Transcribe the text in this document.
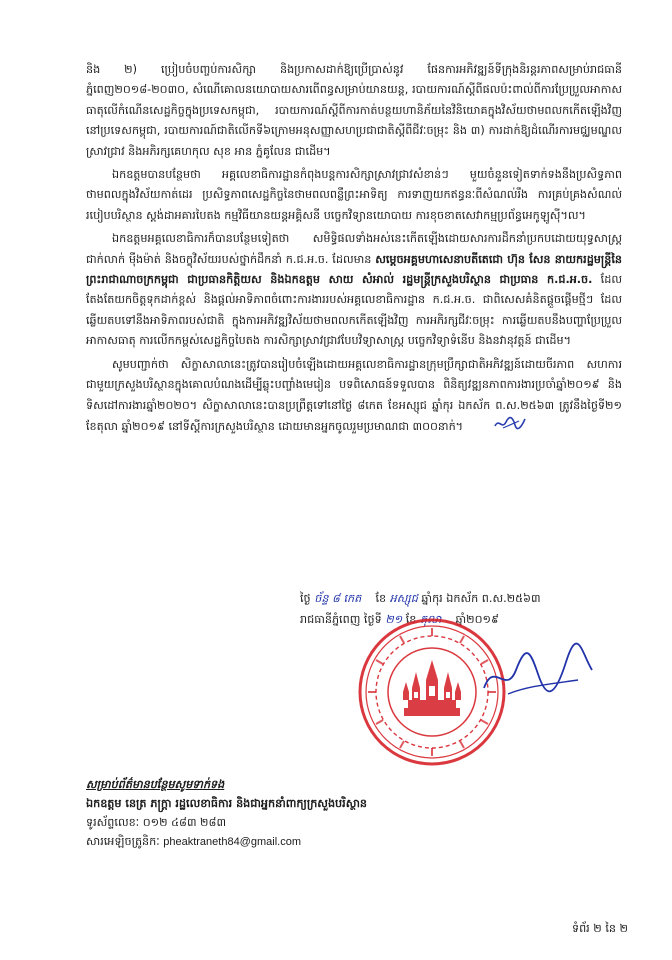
និង ២) ប្រៀបចំបញ្ចប់ការសិក្សា និងប្រកាសដាក់ឱ្យប្រើប្រាស់នូវ ផែនការអភិវឌ្ឍន៍ទីក្រុងនិរន្តរភាពសម្រាប់រាជធានីភ្នំពេញ២០១៨-២០៣០, សំណើគោលនយោបាយសារពើពន្ធសម្រាប់យានយន្ត, របាយការណ៍ស្តីពីផលប៉ះពាល់ពីការប្រែប្រួលអាកាសធាតុលើកំណើនសេដ្ឋកិច្ចក្នុងប្រទេសកម្ពុជា, របាយការណ៍ស្តីពីការកាត់បន្ថយហានិភ័យនៃវិនិយោគក្នុងវិស័យថាមពលកកើតឡើងវិញនៅប្រទេសកម្ពុជា, របាយការណ៍ជាតិលើកទី៦ក្រោមអនុសញ្ញាសហប្រជាជាតិស្តីពីជីវៈចម្រុះ និង ៣) ការដាក់ឱ្យដំណើរការមជ្ឈមណ្ឌលស្រាវជ្រាវ និងអភិរក្សគេហកុល សុខ អាន ភ្នំគូលែន ជាដើម។

ឯកឧត្តមបានបន្ថែមថា អគ្គលេខាធិការដ្ឋានកំពុងបន្តការសិក្សាស្រាវជ្រាវសំខាន់ៗ មួយចំនួនទៀតទាក់ទងនឹងប្រសិទ្ធភាពថាមពលក្នុងវិស័យកាត់ដេរ ប្រសិទ្ធភាពសេដ្ឋកិច្ចនៃថាមពលពន្លឺព្រះអាទិត្យ ការទាញយកឥន្ធនៈពីសំណល់រឹង ការគ្រប់គ្រងសំណល់របៀបបរិស្ថាន ស្តង់ដាអគារបៃតង កម្មវិធីយានយន្តអគ្គិសនី បច្ចេកវិទ្យានយោបាយ ការខុចខាតសេវាកម្មប្រព័ន្ធអេកូឡូស៊ី។ល។

ឯកឧត្តមអគ្គលេខាធិការក៏បានបន្ថែមទៀតថា សមិទ្ធិផលទាំងអស់នេះកើតឡើងដោយសារការដឹកនាំប្រកបដោយយុទ្ធសាស្ត្រ ជាក់លាក់ ម៉ឺងម៉ាត់ និងចក្ខុវិស័យរបស់ថ្នាក់ដឹកនាំ ក.ជ.អ.ច. ដែលមាន សម្តេចអគ្គមហាសេនាបតីតេជោ ហ៊ុន សែន នាយករដ្ឋមន្ត្រីនៃព្រះរាជាណាចក្រកម្ពុជា ជាប្រធានកិត្តិយស និងឯកឧត្តម សាយ សំអាល់ រដ្ឋមន្ត្រីក្រសួងបរិស្ថាន ជាប្រធាន ក.ជ.អ.ច. ដែលតែងតែយកចិត្តទុកដាក់ខ្ពស់ និងផ្តល់អាទិភាពចំពោះការងាររបស់អគ្គលេខាធិការដ្ឋាន ក.ជ.អ.ច. ជាពិសេសគំនិតផ្តួចផ្តើមថ្មីៗ ដែលឆ្លើយតបទៅនឹងអាទិភាពរបស់ជាតិ ក្នុងការអភិវឌ្ឍវិស័យថាមពលកកើតឡើងវិញ ការអភិរក្សជីវៈចម្រុះ ការឆ្លើយតបនឹងបញ្ហាប្រែប្រួលអាកាសធាតុ ការលើកកម្ពស់សេដ្ឋកិច្ចបៃតង ការសិក្សាស្រាវជ្រាវបែបវិទ្យាសាស្ត្រ បច្ចេកវិទ្យាទំនើប និងនវានុវត្តន៍ ជាដើម។

សូមបញ្ជាក់ថា សិក្ខាសាលានេះត្រូវបានរៀបចំឡើងដោយអគ្គលេខាធិការដ្ឋានក្រុមប្រឹក្សាជាតិអភិវឌ្ឍន៍ដោយចីរភាព សហការជាមួយក្រសួងបរិស្ថានក្នុងគោលបំណងដើម្បីឆ្លុះបញ្ចាំងមេរៀន បទពិសោធន៍ទទួលបាន ពិនិត្យវឌ្ឍនភាពការងារប្រចាំឆ្នាំ២០១៩ និងទិសដៅការងារឆ្នាំ២០២០។ សិក្ខាសាលានេះបានប្រព្រឹត្តទៅនៅថ្ងៃ ៨កេត ខែអស្សុជ ឆ្នាំកុរ ឯកស័ក ព.ស.២៥៦៣ ត្រូវនឹងថ្ងៃទី២១ ខែតុលា ឆ្នាំ២០១៩ នៅទីស្តីការក្រសួងបរិស្ថាន ដោយមានអ្នកចូលរួមប្រមាណជា ៣០០នាក់។

ថ្ងៃ ច័ន្ទ ៨ កេត ខែ អស្សុជ ឆ្នាំកុរ ឯកស័ក ព.ស.២៥៦៣
រាជធានីភ្នំពេញ ថ្ងៃទី ២១ ខែ តុលា ឆ្នាំ២០១៩
សម្រាប់ព័ត៌មានបន្ថែមសូមទាក់ទង
ឯកឧត្តម នេត្រ ភក្ត្រា រដ្ឋលេខាធិការ និងជាអ្នកនាំពាក្យក្រសួងបរិស្ថាន
ទូរស័ព្ទលេខៈ ០១២ ៤៨៣ ២៨៣
សារអេឡិចត្រូនិកៈ pheaktraneth84@gmail.com
ទំព័រ ២ នៃ ២
